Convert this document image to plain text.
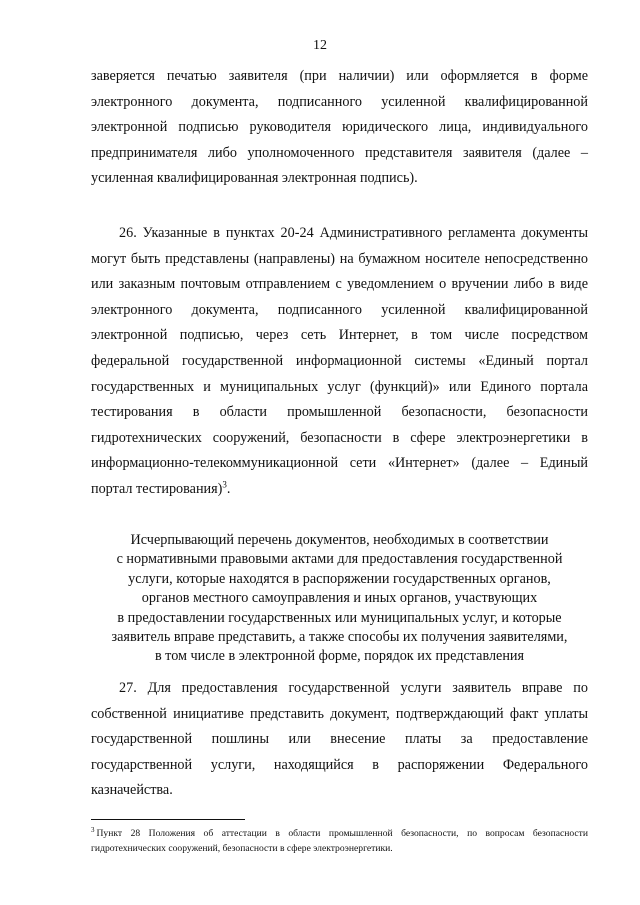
12

заверяется печатью заявителя (при наличии) или оформляется в форме электронного документа, подписанного усиленной квалифицированной электронной подписью руководителя юридического лица, индивидуального предпринимателя либо уполномоченного представителя заявителя (далее – усиленная квалифицированная электронная подпись).

26. Указанные в пунктах 20-24 Административного регламента документы могут быть представлены (направлены) на бумажном носителе непосредственно или заказным почтовым отправлением с уведомлением о вручении либо в виде электронного документа, подписанного усиленной квалифицированной электронной подписью, через сеть Интернет, в том числе посредством федеральной государственной информационной системы «Единый портал государственных и муниципальных услуг (функций)» или Единого портала тестирования в области промышленной безопасности, безопасности гидротехнических сооружений, безопасности в сфере электроэнергетики в информационно-телекоммуникационной сети «Интернет» (далее – Единый портал тестирования)$^3$.

Исчерпывающий перечень документов, необходимых в соответствии
с нормативными правовыми актами для предоставления государственной
услуги, которые находятся в распоряжении государственных органов,
органов местного самоуправления и иных органов, участвующих
в предоставлении государственных или муниципальных услуг, и которые
заявитель вправе представить, а также способы их получения заявителями,
в том числе в электронной форме, порядок их представления

27. Для предоставления государственной услуги заявитель вправе по собственной инициативе представить документ, подтверждающий факт уплаты государственной пошлины или внесение платы за предоставление государственной услуги, находящийся в распоряжении Федерального казначейства.

$^3$ Пункт 28 Положения об аттестации в области промышленной безопасности, по вопросам безопасности гидротехнических сооружений, безопасности в сфере электроэнергетики.
